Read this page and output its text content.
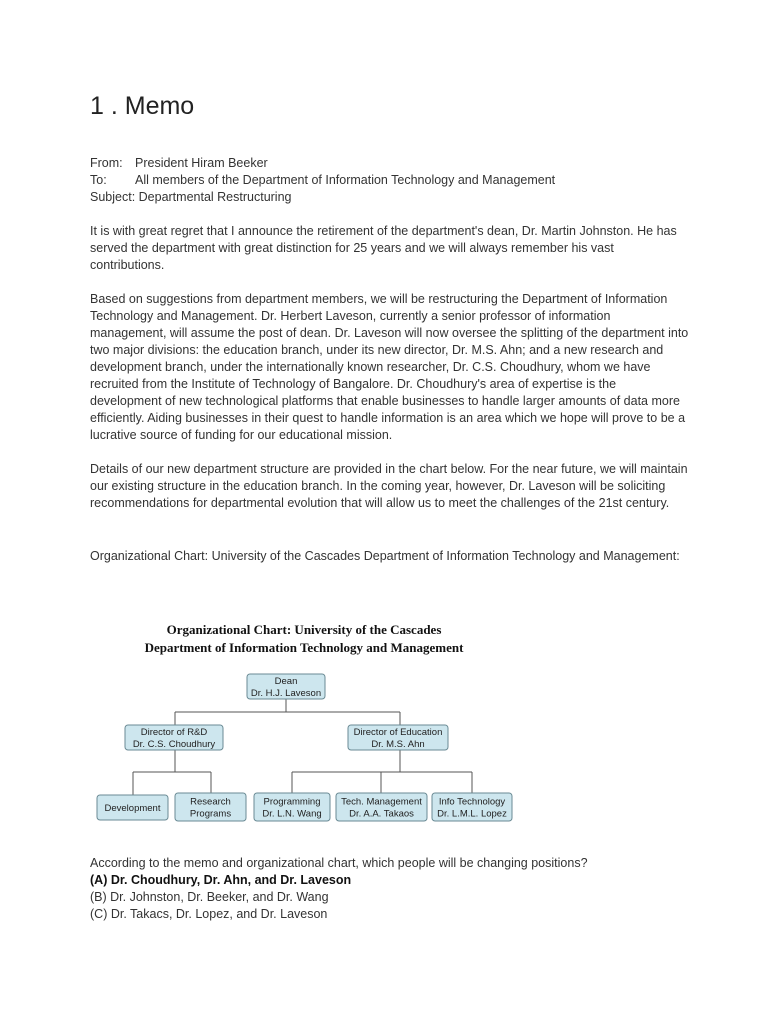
1 . Memo
From: President Hiram Beeker
To:	All members of the Department of Information Technology and Management
Subject: Departmental Restructuring

It is with great regret that I announce the retirement of the department's dean, Dr. Martin Johnston. He has served the department with great distinction for 25 years and we will always remember his vast contributions.

Based on suggestions from department members, we will be restructuring the Department of Information Technology and Management. Dr. Herbert Laveson, currently a senior professor of information management, will assume the post of dean. Dr. Laveson will now oversee the splitting of the department into two major divisions: the education branch, under its new director, Dr. M.S. Ahn; and a new research and development branch, under the internationally known researcher, Dr. C.S. Choudhury, whom we have recruited from the Institute of Technology of Bangalore. Dr. Choudhury's area of expertise is the development of new technological platforms that enable businesses to handle larger amounts of data more efficiently. Aiding businesses in their quest to handle information is an area which we hope will prove to be a lucrative source of funding for our educational mission.

Details of our new department structure are provided in the chart below. For the near future, we will maintain our existing structure in the education branch. In the coming year, however, Dr. Laveson will be soliciting recommendations for departmental evolution that will allow us to meet the challenges of the 21st century.

Organizational Chart: University of the Cascades Department of Information Technology and Management:

Organizational Chart: University of the Cascades
Department of Information Technology and Management
Dean
Dr. H.J. Laveson
Director of R&D
Dr. C.S. Choudhury
Director of Education
Dr. M.S. Ahn
Development
Research
Programs
Programming
Dr. L.N. Wang
Tech. Management
Dr. A.A. Takaos
Info Technology
Dr. L.M.L. Lopez
According to the memo and organizational chart, which people will be changing positions?
(A) Dr. Choudhury, Dr. Ahn, and Dr. Laveson
(B) Dr. Johnston, Dr. Beeker, and Dr. Wang
(C) Dr. Takacs, Dr. Lopez, and Dr. Laveson
